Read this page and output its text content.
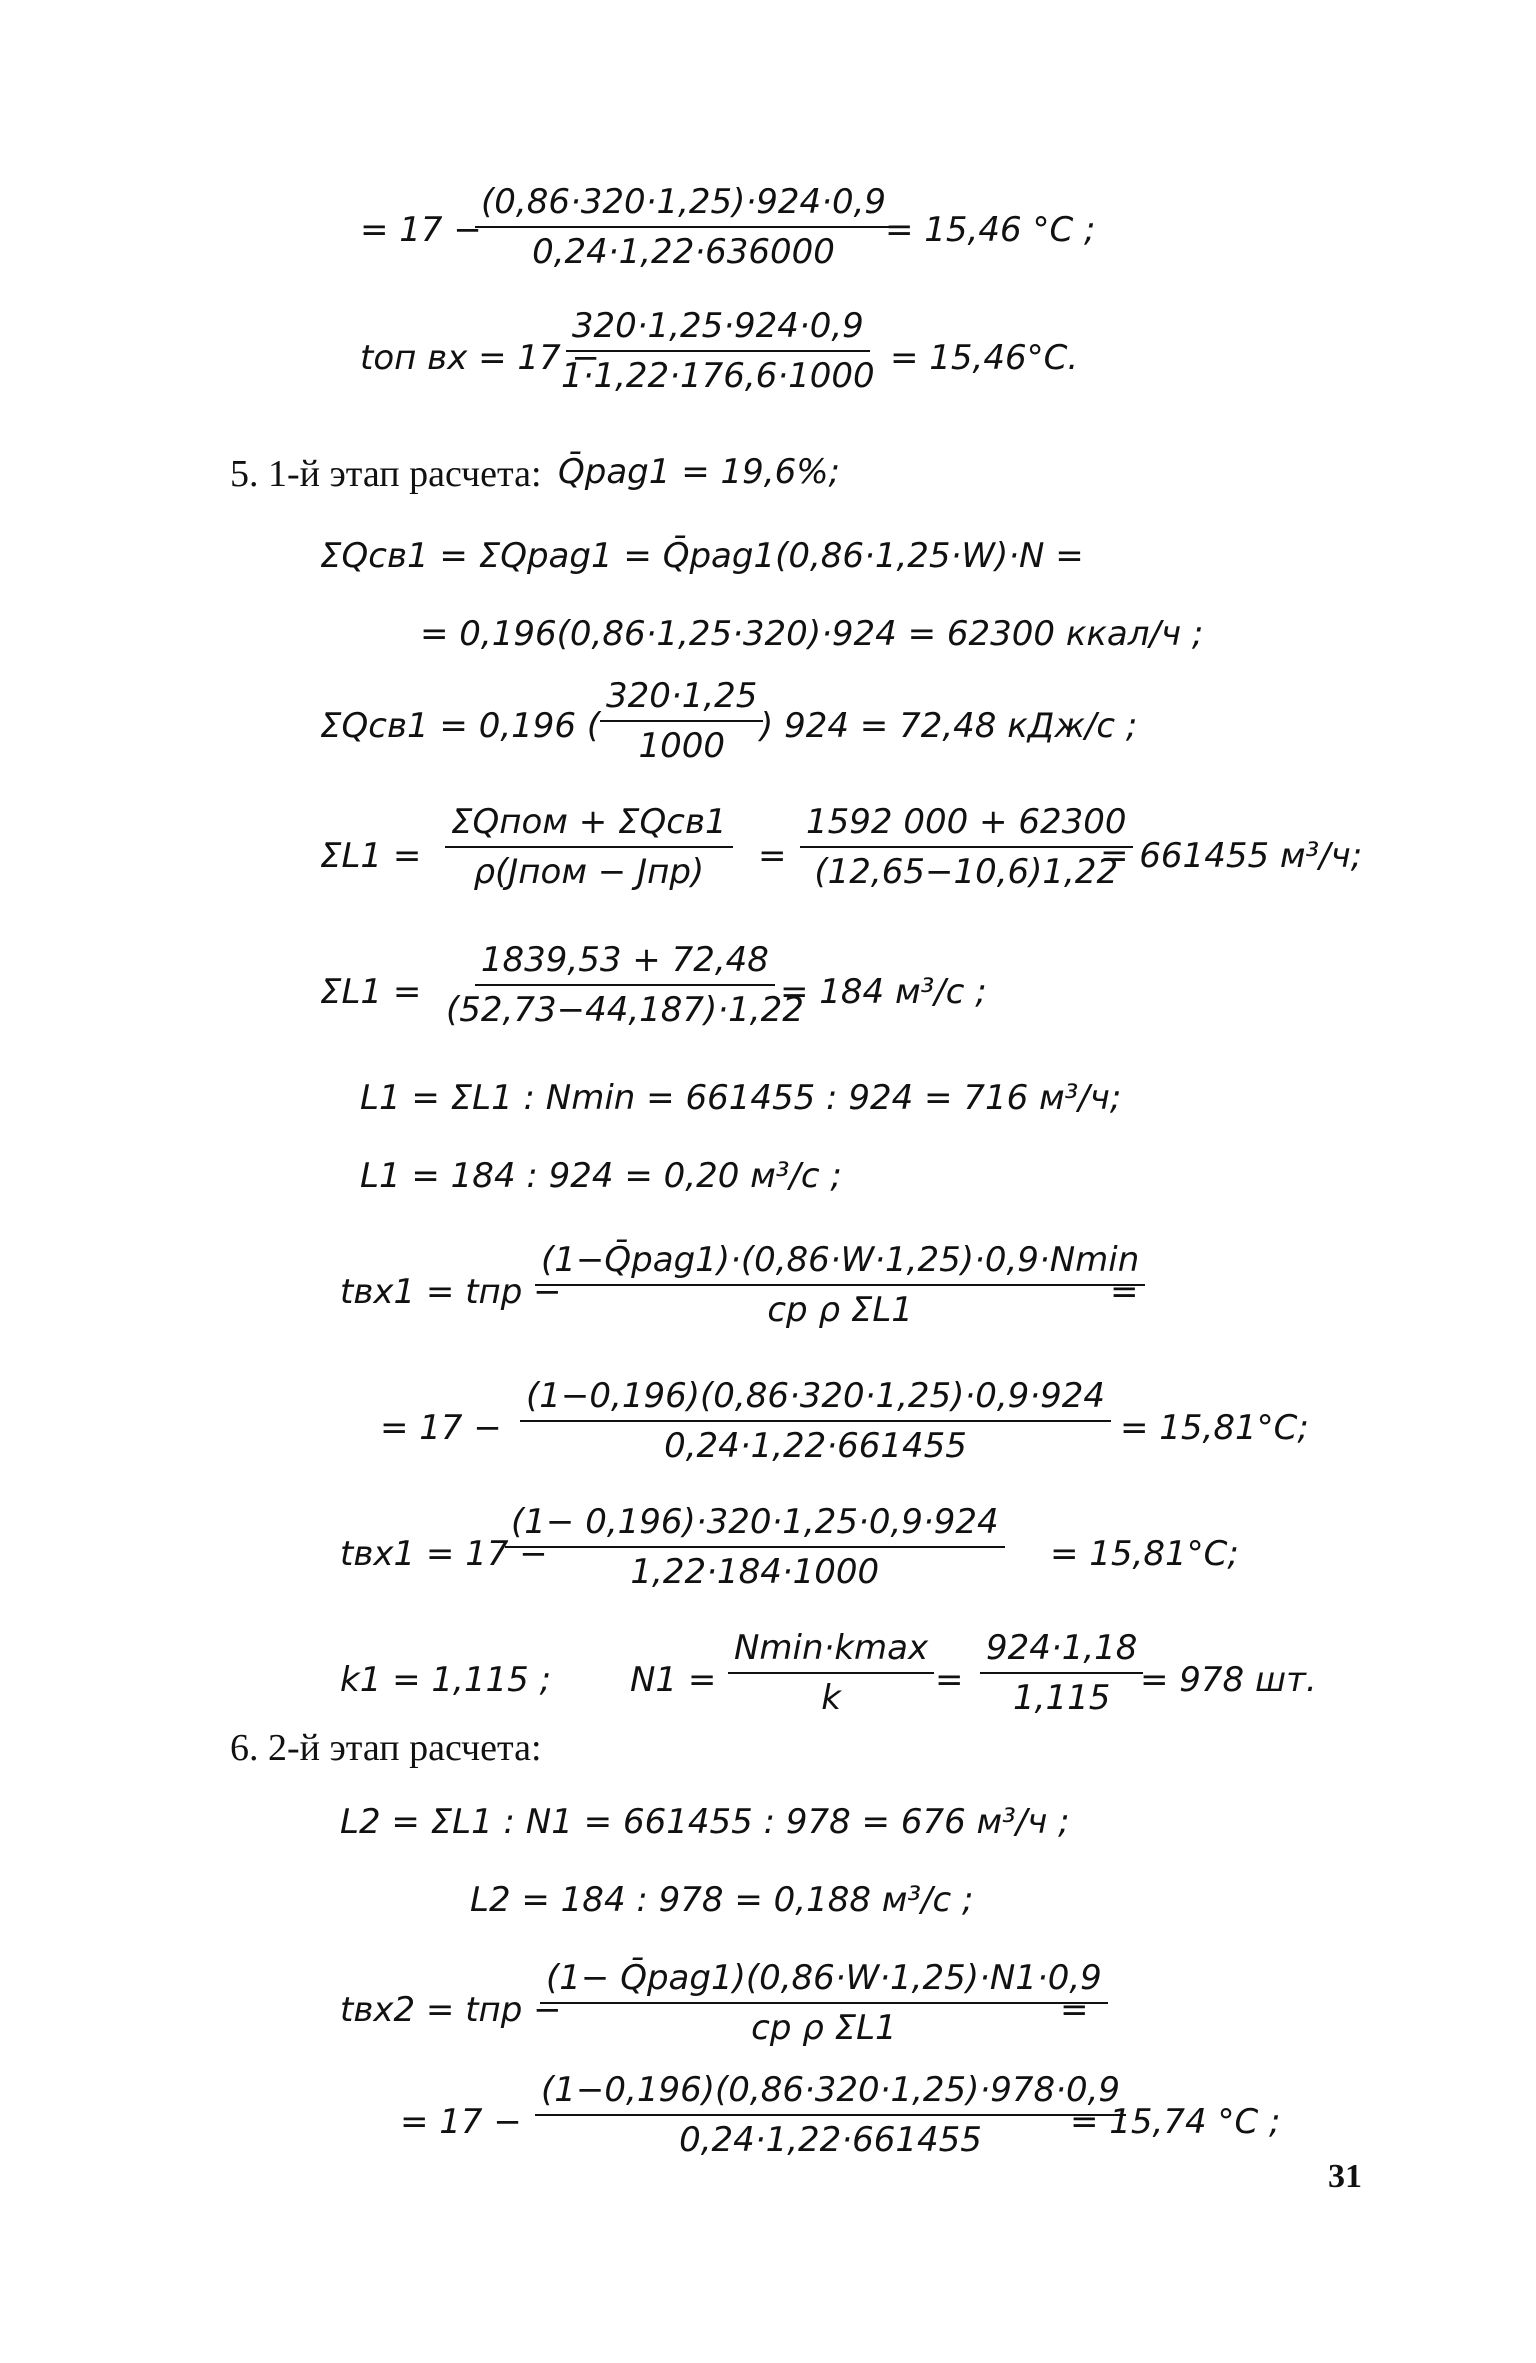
= 17 −
$\frac{(0,86\cdot 320\cdot 1,25)\cdot 924\cdot 0,9}{0,24\cdot 1,22\cdot 636000}$
= 15,46 °C ;
tоп вх = 17 −
$\frac{320\cdot 1,25\cdot 924\cdot 0,9}{1\cdot 1,22\cdot 176,6\cdot 1000} = 15,46^\circ C$.
5. 1-й этап расчета: Q̄раg1 = 19,6%;
ΣQсв1 = ΣQраg1 = Q̄раg1(0,86·1,25·W)·N =
= 0,196(0,86·1,25·320)·924 = 62300 ккал/ч ;
ΣQсв1 = 0,196 ( $\frac{320\cdot 1,25}{1000}$
) 924 = 72,48 кДж/с ;
ΣL1 =
ΣQпом + ΣQсв1
ρ(Jпом − $Jпр) = \frac{1592 000 + 62300}{(12,65-10,6)1,22}$
= 661455 м³/ч;
$\Sigma L1 = \frac{1839,53 + 72,48}{(52,73-44,187)\cdot 1,22}$
= 184 м³/с ;
L1 = ΣL1 : Nmin = 661455 : 924 = 716 м³/ч;
L1 = 184 : 924 = 0,20 м³/с ;
tвх1 = tпр −
(1−Q̄раg1)·(0,86·W·1,25)·0,9·Nmin
cр ρ ΣL1	=
= $17 - \frac{(1-0,196)(0,86\cdot 320\cdot 1,25)\cdot 0,9\cdot 924}{0,24\cdot 1,22\cdot 661455} = 15,81^\circ C$;
tвх1 = 17 −
$\frac{(1- 0,196)\cdot 320\cdot 1,25\cdot 0,9\cdot 924}{1,22\cdot 184\cdot 1000} = 15,81^\circ C$;
k1 = 1,115 ; N1 =
Nmin·kmax
k	= $\frac{924\cdot 1,18}{1,115}$
= 978 шт.
6. 2-й этап расчета:
L2 = ΣL1 : N1 = 661455 : 978 = 676 м³/ч ;
L2 = 184 : 978 = 0,188 м³/с ;
tвх2 = tпр −
(1− Q̄раg1)(0,86·W·1,25)·N1·0,9
cр ρ ΣL1	=
= $17 - \frac{(1-0,196)(0,86\cdot 320\cdot 1,25)\cdot 978\cdot 0,9}{0,24\cdot 1,22\cdot 661455}$
= 15,74 °C ;
31
